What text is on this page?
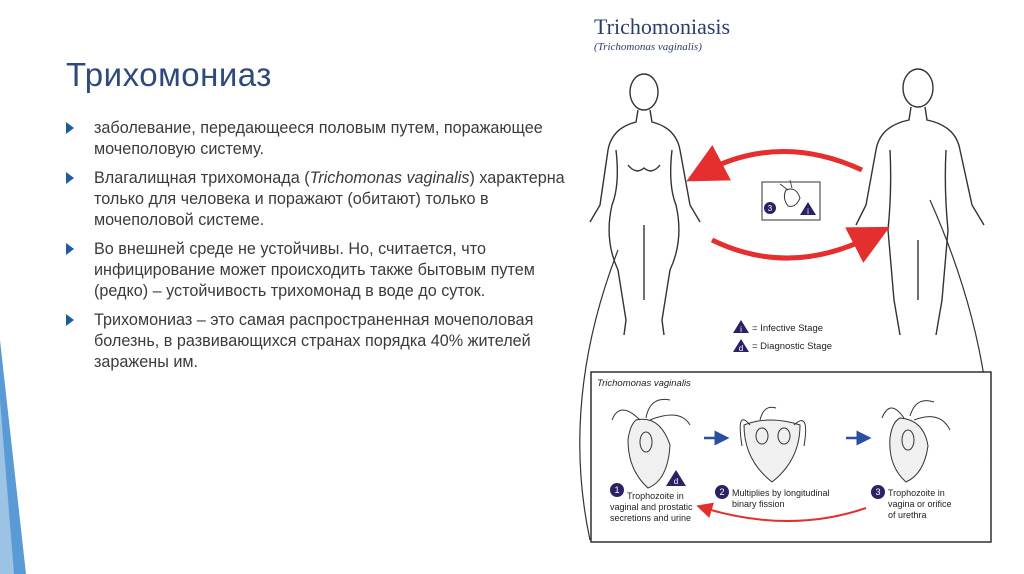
Трихомониаз
заболевание, передающееся половым путем, поражающее мочеполовую систему.
Влагалищная трихомонада (Trichomonas vaginalis) характерна только для человека и поражают (обитают) только в мочеполовой системе.
Во внешней среде не устойчивы. Но, считается, что инфицирование может происходить также бытовым путем (редко) – устойчивость трихомонад в воде до суток.
Трихомониаз – это самая распространенная мочеполовая болезнь, в развивающихся странах порядка 40% жителей заражены им.
Trichomoniasis
(Trichomonas vaginalis)
3	i
i = Infective Stage
d = Diagnostic Stage
Trichomonas vaginalis
d
1
Trophozoite in
vaginal and prostatic
secretions and urine
2 Multiplies by longitudinal
binary fission
3 Trophozoite in
vagina or orifice
of urethra
